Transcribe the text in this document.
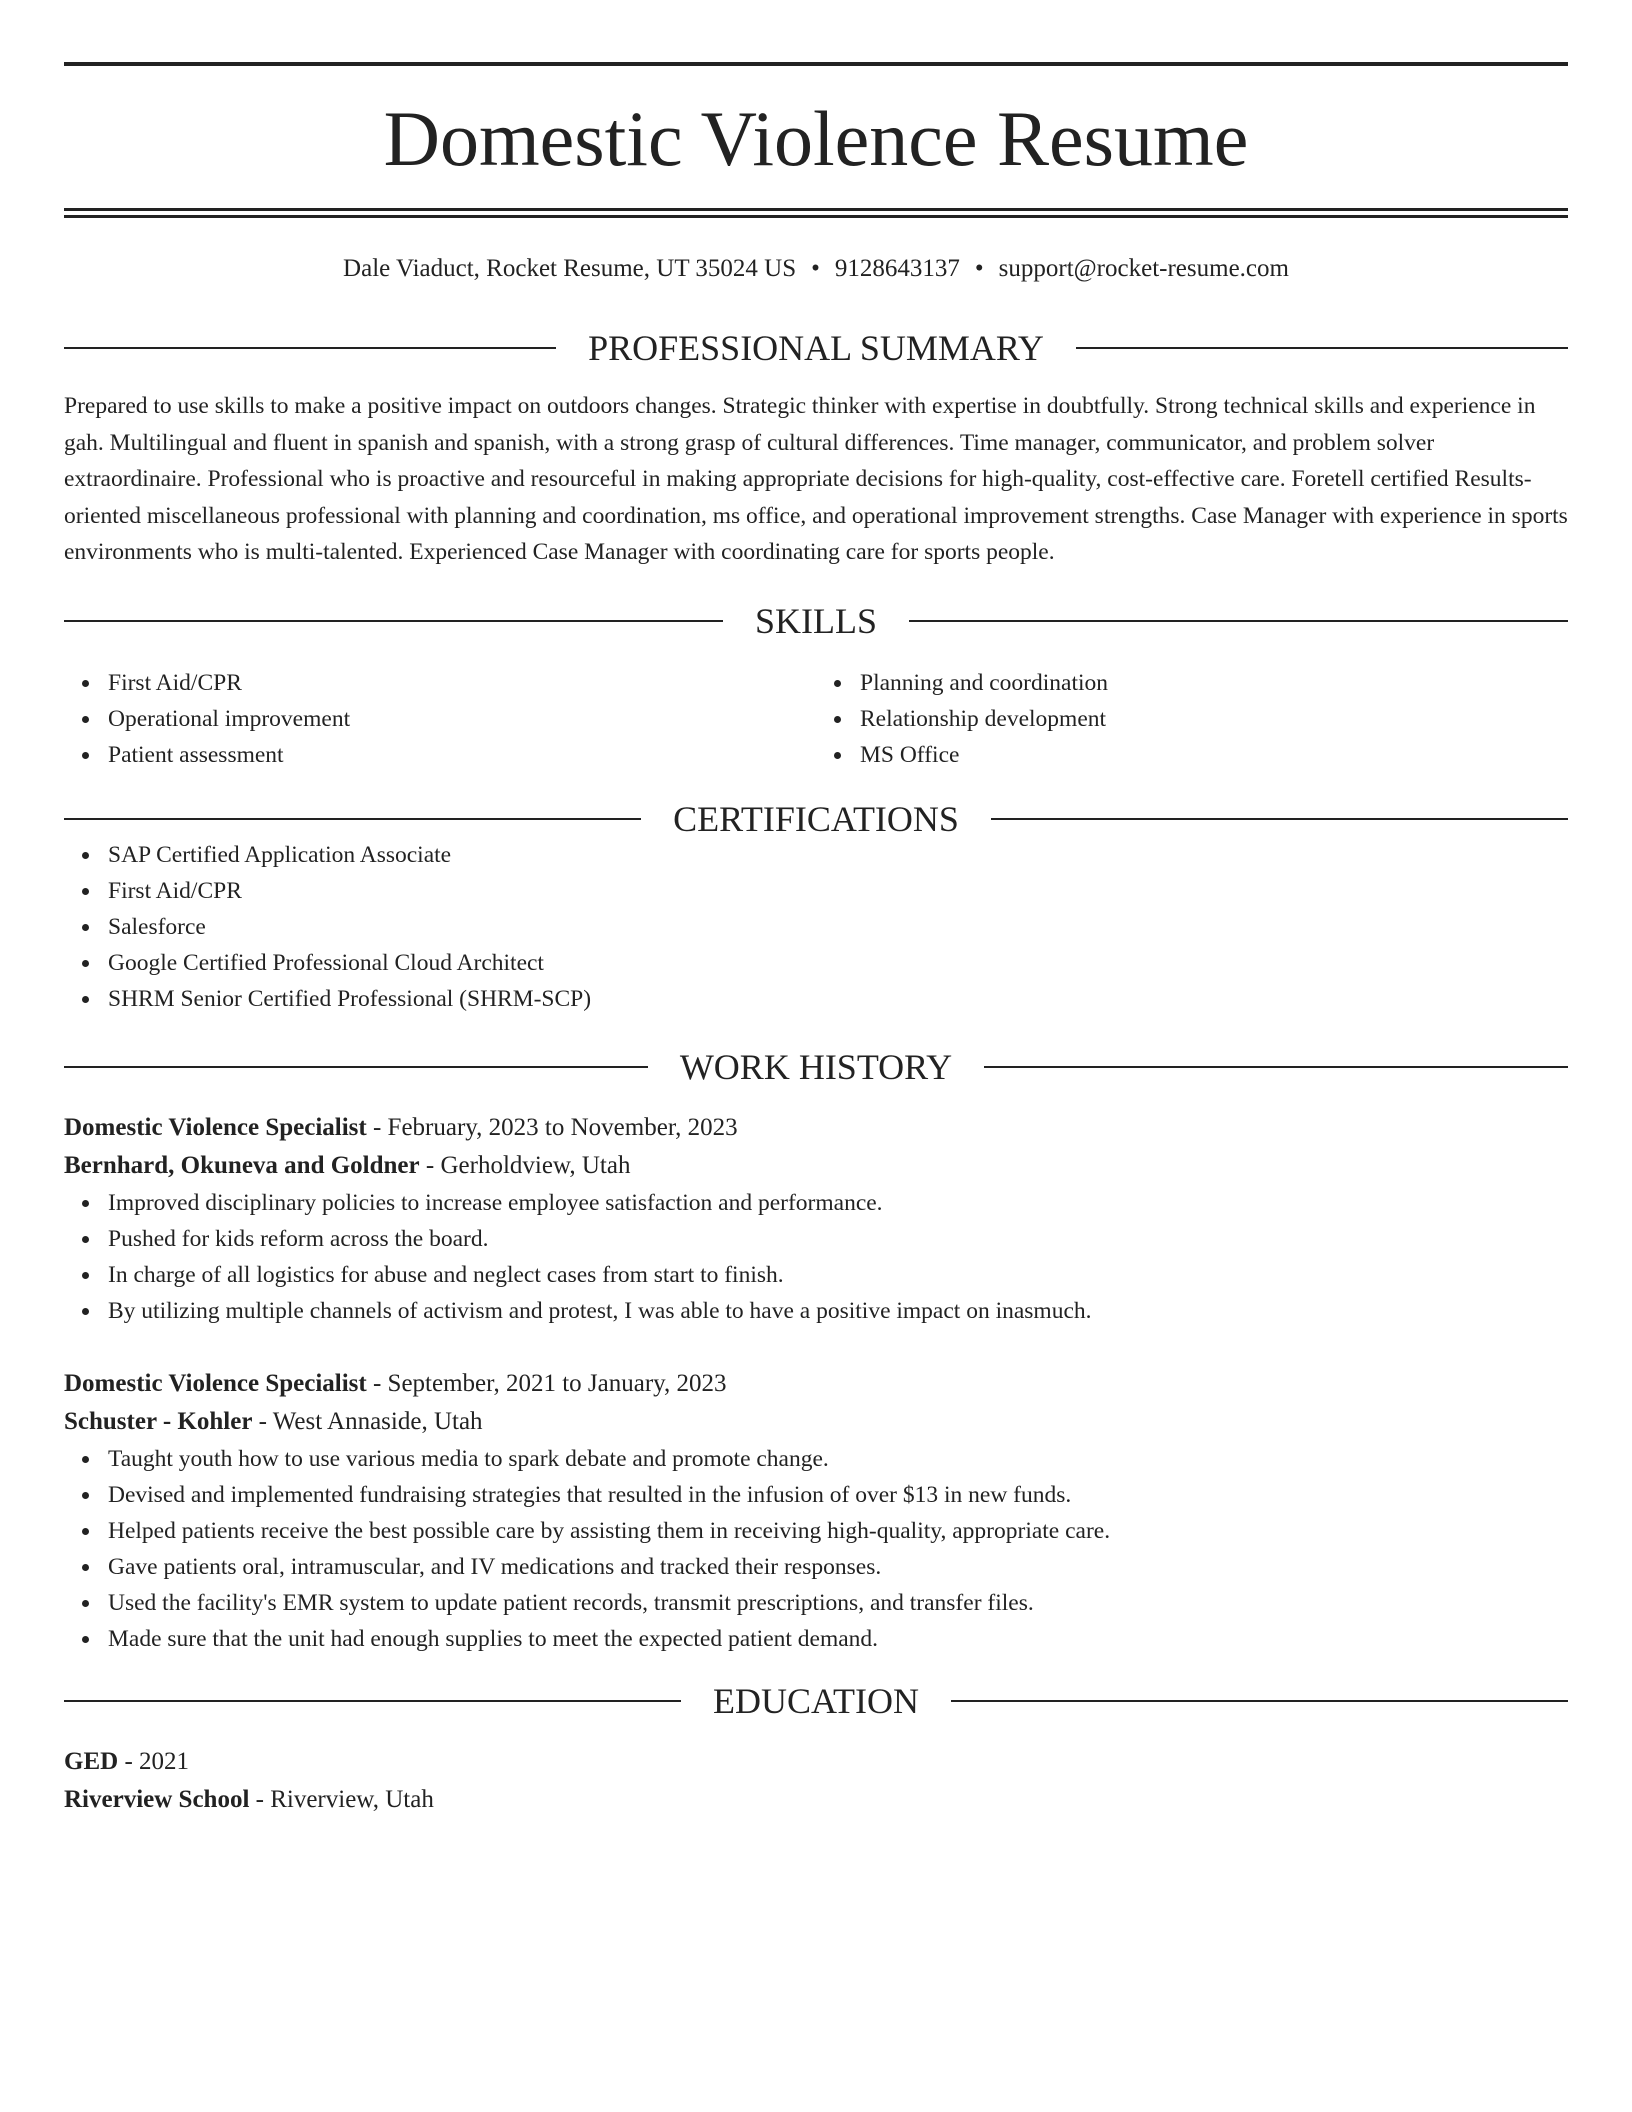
Domestic Violence Resume
Dale Viaduct, Rocket Resume, UT 35024 US • 9128643137 • support@rocket-resume.com
PROFESSIONAL SUMMARY

Prepared to use skills to make a positive impact on outdoors changes. Strategic thinker with expertise in doubtfully. Strong technical skills and experience in gah. Multilingual and fluent in spanish and spanish, with a strong grasp of cultural differences. Time manager, communicator, and problem solver extraordinaire. Professional who is proactive and resourceful in making appropriate decisions for high-quality, cost-effective care. Foretell certified Results-oriented miscellaneous professional with planning and coordination, ms office, and operational improvement strengths. Case Manager with experience in sports environments who is multi-talented. Experienced Case Manager with coordinating care for sports people.

SKILLS
First Aid/CPR
Operational improvement
Patient assessment
Planning and coordination
Relationship development
MS Office
CERTIFICATIONS
SAP Certified Application Associate
First Aid/CPR
Salesforce
Google Certified Professional Cloud Architect
SHRM Senior Certified Professional (SHRM-SCP)
WORK HISTORY
Domestic Violence Specialist - February, 2023 to November, 2023
Bernhard, Okuneva and Goldner - Gerholdview, Utah
Improved disciplinary policies to increase employee satisfaction and performance.
Pushed for kids reform across the board.
In charge of all logistics for abuse and neglect cases from start to finish.
By utilizing multiple channels of activism and protest, I was able to have a positive impact on inasmuch.
Domestic Violence Specialist - September, 2021 to January, 2023
Schuster - Kohler - West Annaside, Utah
Taught youth how to use various media to spark debate and promote change.
Devised and implemented fundraising strategies that resulted in the infusion of over $13 in new funds.
Helped patients receive the best possible care by assisting them in receiving high-quality, appropriate care.
Gave patients oral, intramuscular, and IV medications and tracked their responses.
Used the facility's EMR system to update patient records, transmit prescriptions, and transfer files.
Made sure that the unit had enough supplies to meet the expected patient demand.
EDUCATION
GED - 2021
Riverview School - Riverview, Utah
